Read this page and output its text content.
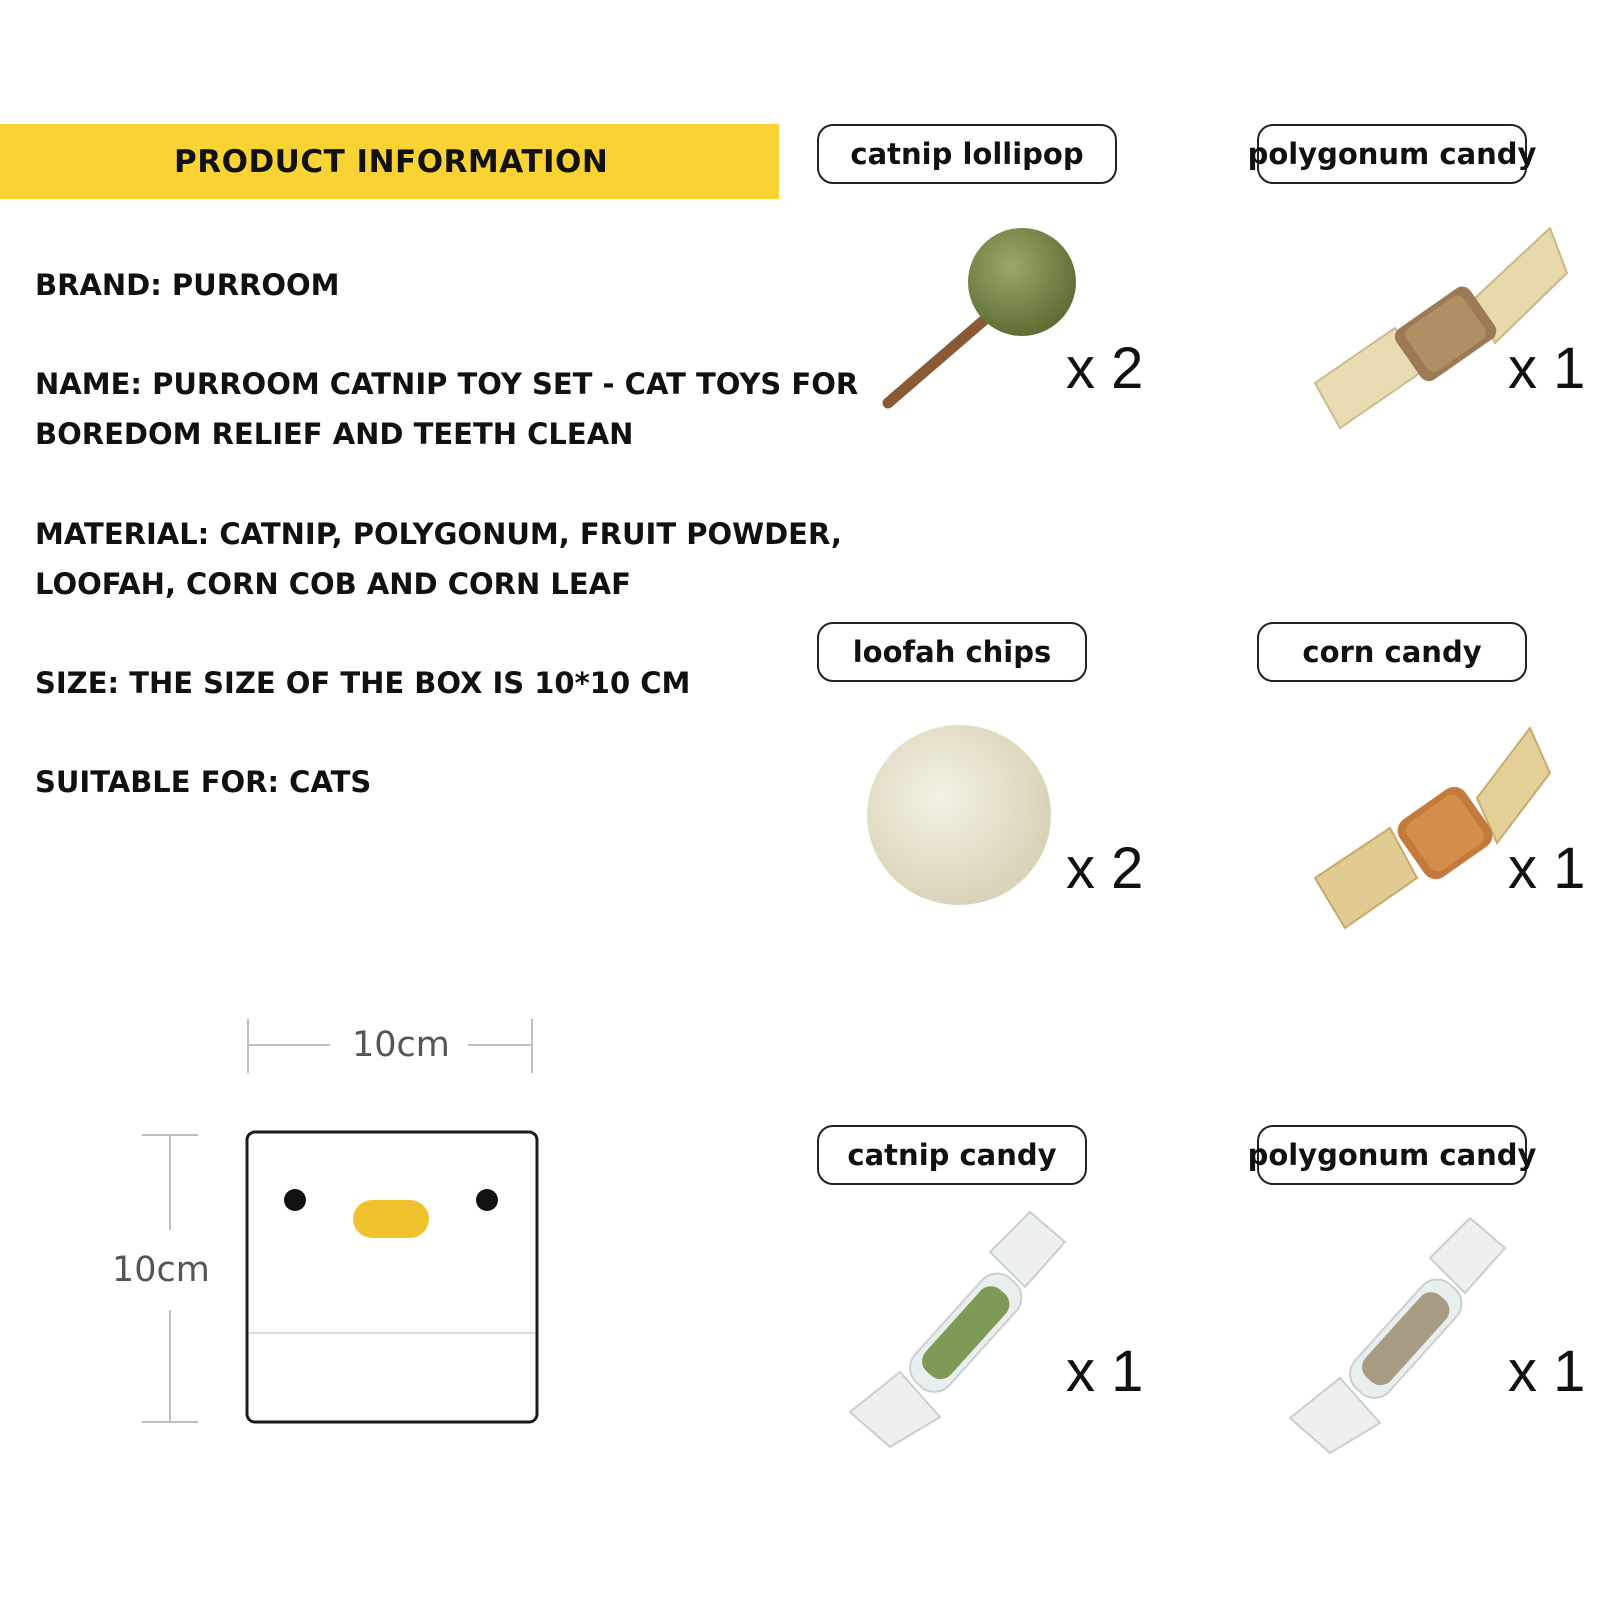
PRODUCT INFORMATION
BRAND: PURROOM
NAME: PURROOM CATNIP TOY SET - CAT TOYS FOR
BOREDOM RELIEF AND TEETH CLEAN
MATERIAL: CATNIP, POLYGONUM, FRUIT POWDER,
LOOFAH, CORN COB AND CORN LEAF
SIZE: THE SIZE OF THE BOX IS 10*10 CM
SUITABLE FOR: CATS
catnip lollipop	polygonum candy
loofah chips	corn candy
catnip candy	polygonum candy
x 2	x 1
x 2	x 1
x 1	x 1
10cm
10cm
